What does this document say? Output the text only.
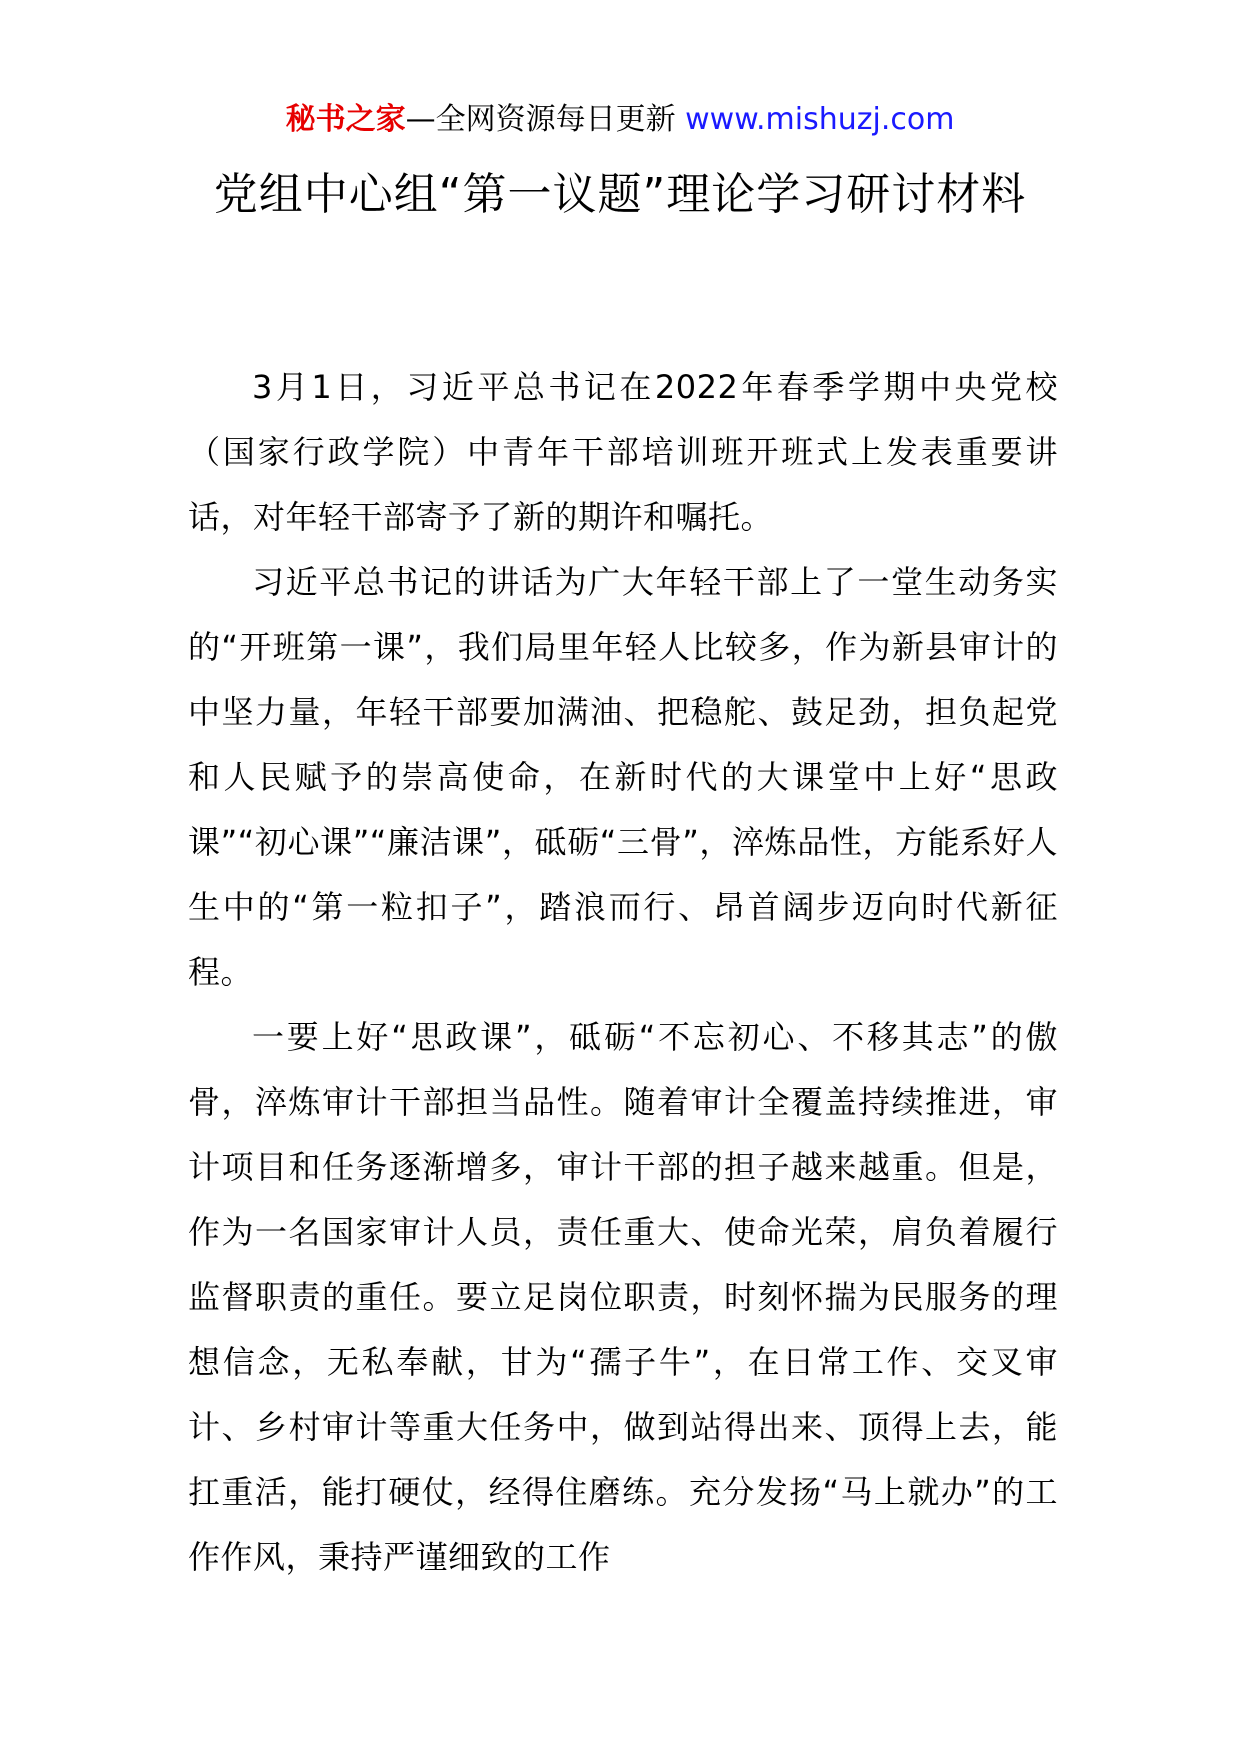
秘书之家—全网资源每日更新 www.mishuzj.com
党组中心组“第一议题”理论学习研讨材料

3月1日，习近平总书记在2022年春季学期中央党校（国家行政学院）中青年干部培训班开班式上发表重要讲话，对年轻干部寄予了新的期许和嘱托。

习近平总书记的讲话为广大年轻干部上了一堂生动务实的“开班第一课”，我们局里年轻人比较多，作为新县审计的中坚力量，年轻干部要加满油、把稳舵、鼓足劲，担负起党和人民赋予的崇高使命，在新时代的大课堂中上好“思政课”“初心课”“廉洁课”，砥砺“三骨”，淬炼品性，方能系好人生中的“第一粒扣子”，踏浪而行、昂首阔步迈向时代新征程。

一要上好“思政课”，砥砺“不忘初心、不移其志”的傲骨，淬炼审计干部担当品性。随着审计全覆盖持续推进，审计项目和任务逐渐增多，审计干部的担子越来越重。但是，作为一名国家审计人员，责任重大、使命光荣，肩负着履行监督职责的重任。要立足岗位职责，时刻怀揣为民服务的理想信念，无私奉献，甘为“孺子牛”，在日常工作、交叉审计、乡村审计等重大任务中，做到站得出来、顶得上去，能扛重活，能打硬仗，经得住磨练。充分发扬“马上就办”的工作作风，秉持严谨细致的工作
